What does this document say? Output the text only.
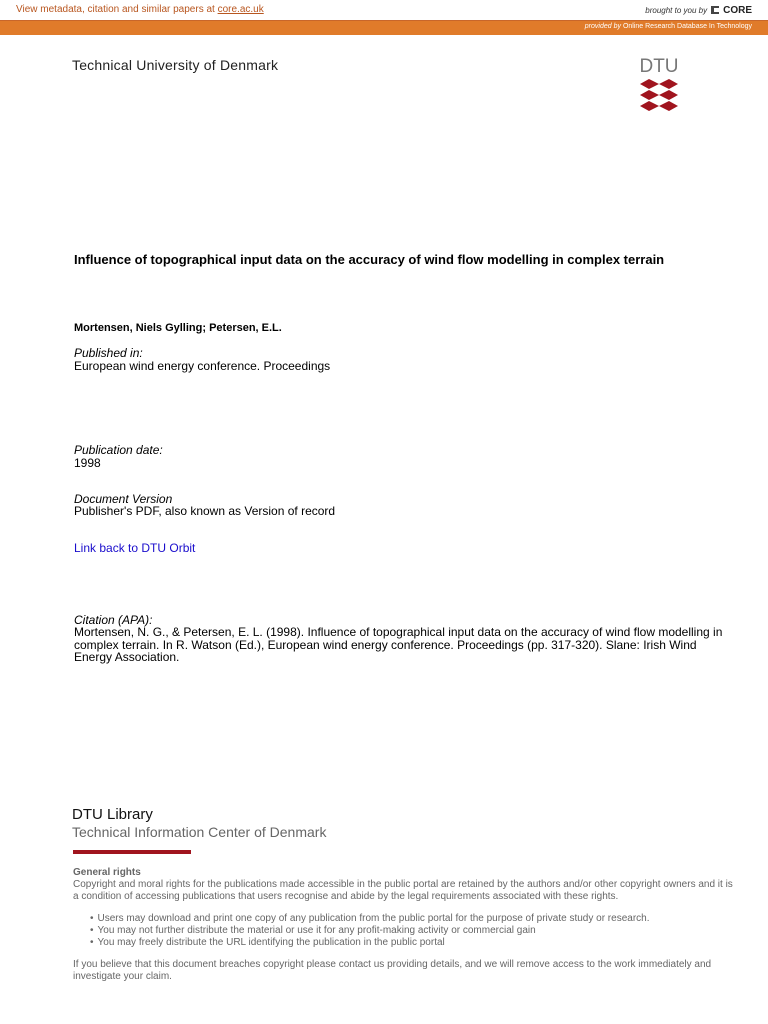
View metadata, citation and similar papers at core.ac.uk	brought to you by CORE
provided by Online Research Database In Technology
Technical University of Denmark	DTU
Influence of topographical input data on the accuracy of wind flow modelling in complex terrain
Mortensen, Niels Gylling; Petersen, E.L.
Published in:
European wind energy conference. Proceedings
Publication date:
1998
Document Version
Publisher's PDF, also known as Version of record
Link back to DTU Orbit
Citation (APA):
Mortensen, N. G., & Petersen, E. L. (1998). Influence of topographical input data on the accuracy of wind flow modelling in complex terrain. In R. Watson (Ed.), European wind energy conference. Proceedings (pp. 317-320). Slane: Irish Wind Energy Association.
DTU Library
Technical Information Center of Denmark
General rights
Copyright and moral rights for the publications made accessible in the public portal are retained by the authors and/or other copyright owners and it is a condition of accessing publications that users recognise and abide by the legal requirements associated with these rights.
• Users may download and print one copy of any publication from the public portal for the purpose of private study or research.
• You may not further distribute the material or use it for any profit-making activity or commercial gain
• You may freely distribute the URL identifying the publication in the public portal
If you believe that this document breaches copyright please contact us providing details, and we will remove access to the work immediately and investigate your claim.
